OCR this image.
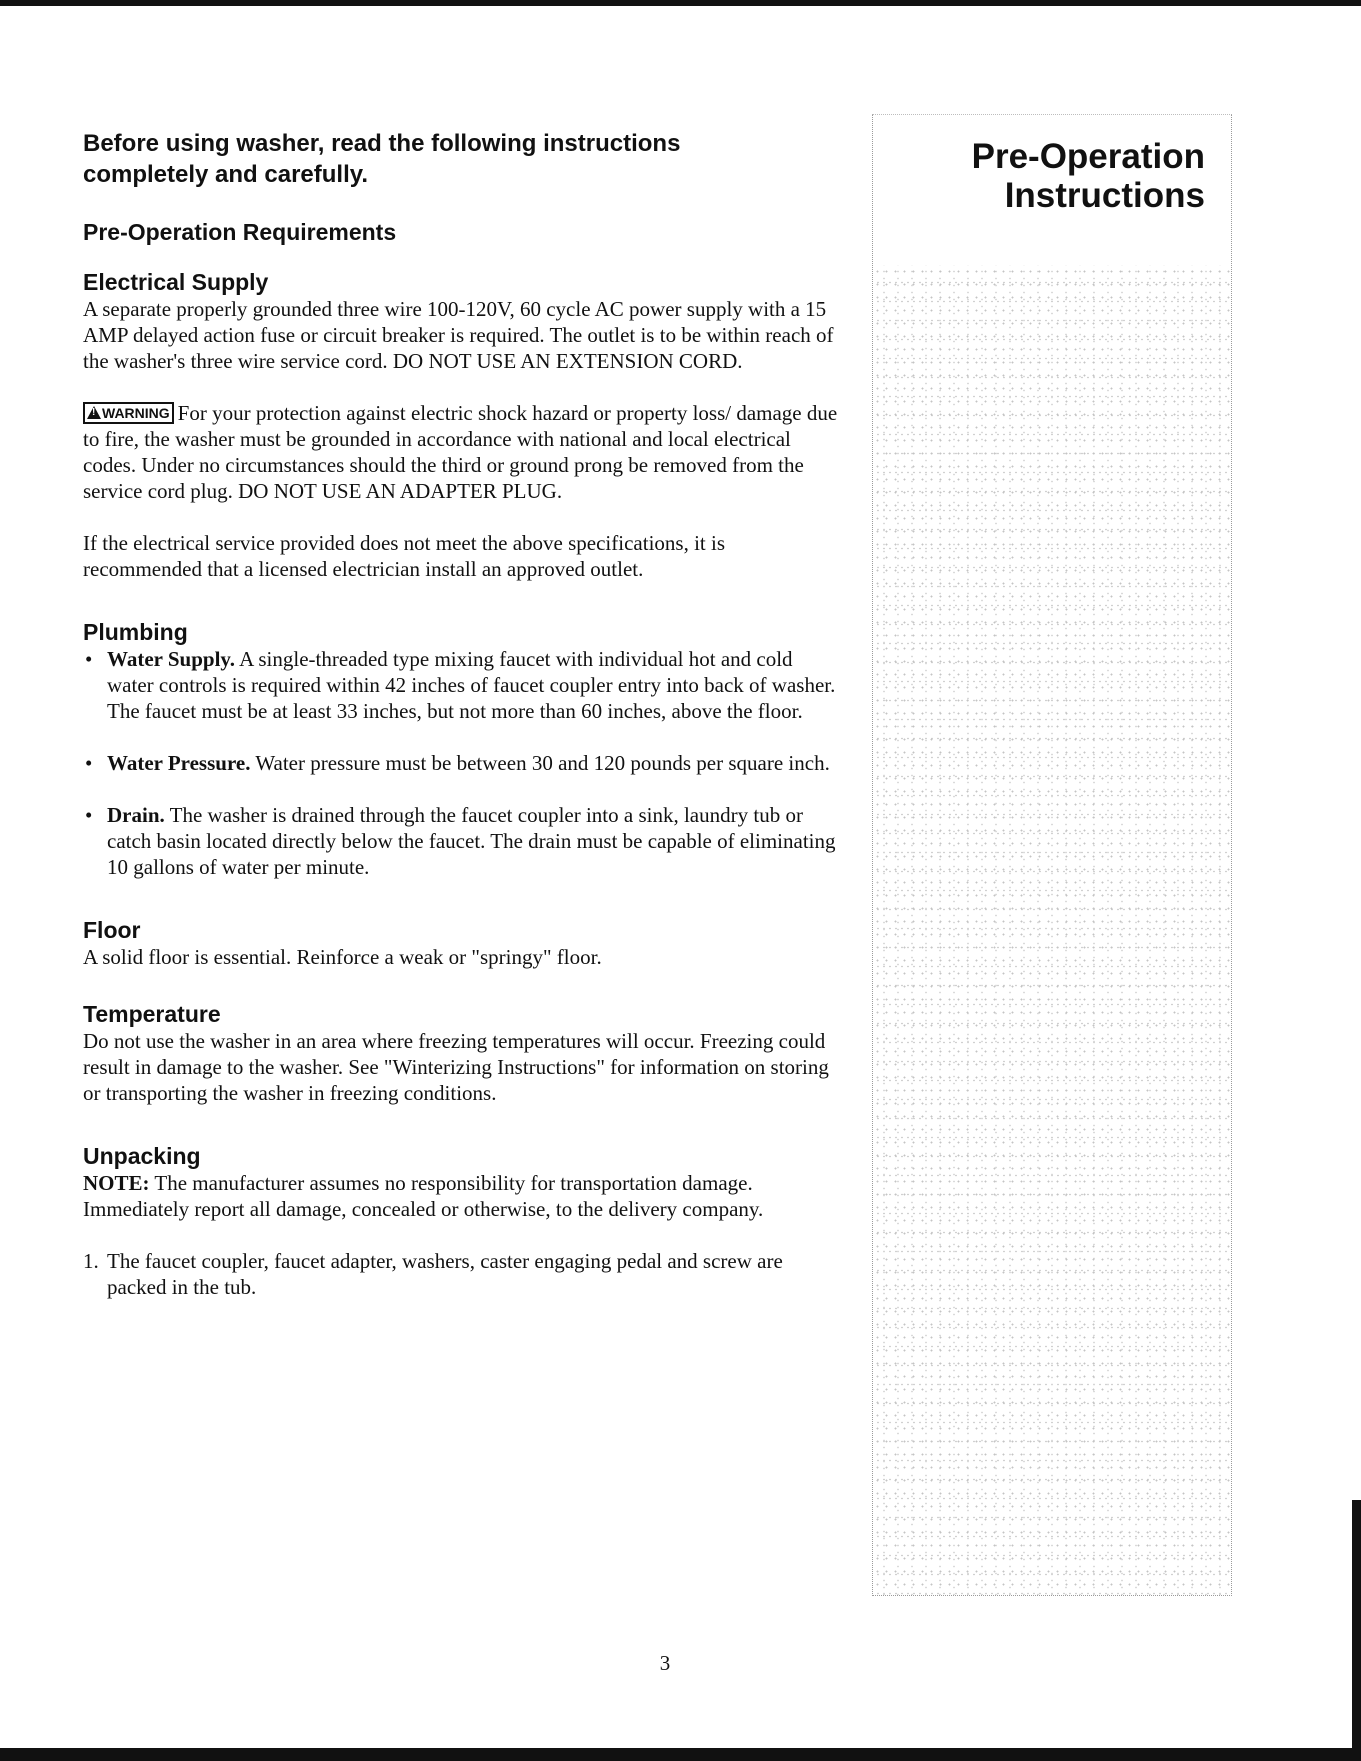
Before using washer, read the following instructions completely and carefully.
Pre-Operation Requirements
Electrical Supply

A separate properly grounded three wire 100-120V, 60 cycle AC power supply with a 15 AMP delayed action fuse or circuit breaker is required. The outlet is to be within reach of the washer's three wire service cord. DO NOT USE AN EXTENSION CORD.

!WARNING For your protection against electric shock hazard or property loss/ damage due to fire, the washer must be grounded in accordance with national and local electrical codes. Under no circumstances should the third or ground prong be removed from the service cord plug. DO NOT USE AN ADAPTER PLUG.

If the electrical service provided does not meet the above specifications, it is recommended that a licensed electrician install an approved outlet.

Plumbing
• Water Supply. A single-threaded type mixing faucet with individual hot and cold water controls is required within 42 inches of faucet coupler entry into back of washer. The faucet must be at least 33 inches, but not more than 60 inches, above the floor.

• Water Pressure. Water pressure must be between 30 and 120 pounds per square inch.

• Drain. The washer is drained through the faucet coupler into a sink, laundry tub or catch basin located directly below the faucet. The drain must be capable of eliminating 10 gallons of water per minute.

Floor

A solid floor is essential. Reinforce a weak or "springy" floor.

Temperature

Do not use the washer in an area where freezing temperatures will occur. Freezing could result in damage to the washer. See "Winterizing Instructions" for information on storing or transporting the washer in freezing conditions.

Unpacking

NOTE: The manufacturer assumes no responsibility for transportation damage. Immediately report all damage, concealed or otherwise, to the delivery company.

1. The faucet coupler, faucet adapter, washers, caster engaging pedal and screw are packed in the tub.

Pre-Operation
Instructions
3
